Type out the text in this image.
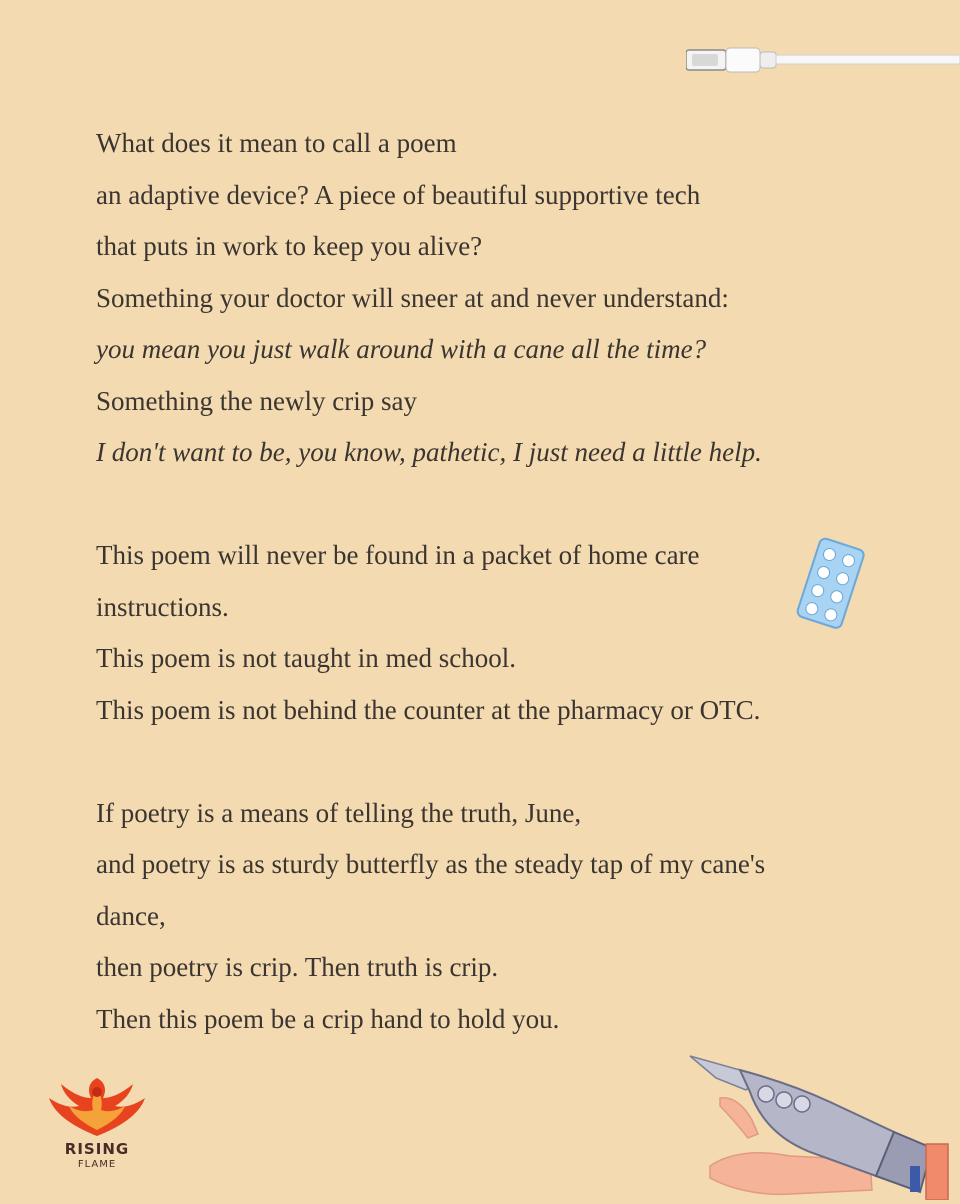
What does it mean to call a poem
an adaptive device? A piece of beautiful supportive tech
that puts in work to keep you alive?
Something your doctor will sneer at and never understand:
you mean you just walk around with a cane all the time?
Something the newly crip say
I don't want to be, you know, pathetic, I just need a little help.
This poem will never be found in a packet of home care
instructions.
This poem is not taught in med school.
This poem is not behind the counter at the pharmacy or OTC.
If poetry is a means of telling the truth, June,
and poetry is as sturdy butterfly as the steady tap of my cane's
dance,
then poetry is crip. Then truth is crip.
Then this poem be a crip hand to hold you.
RISING
FLAME
